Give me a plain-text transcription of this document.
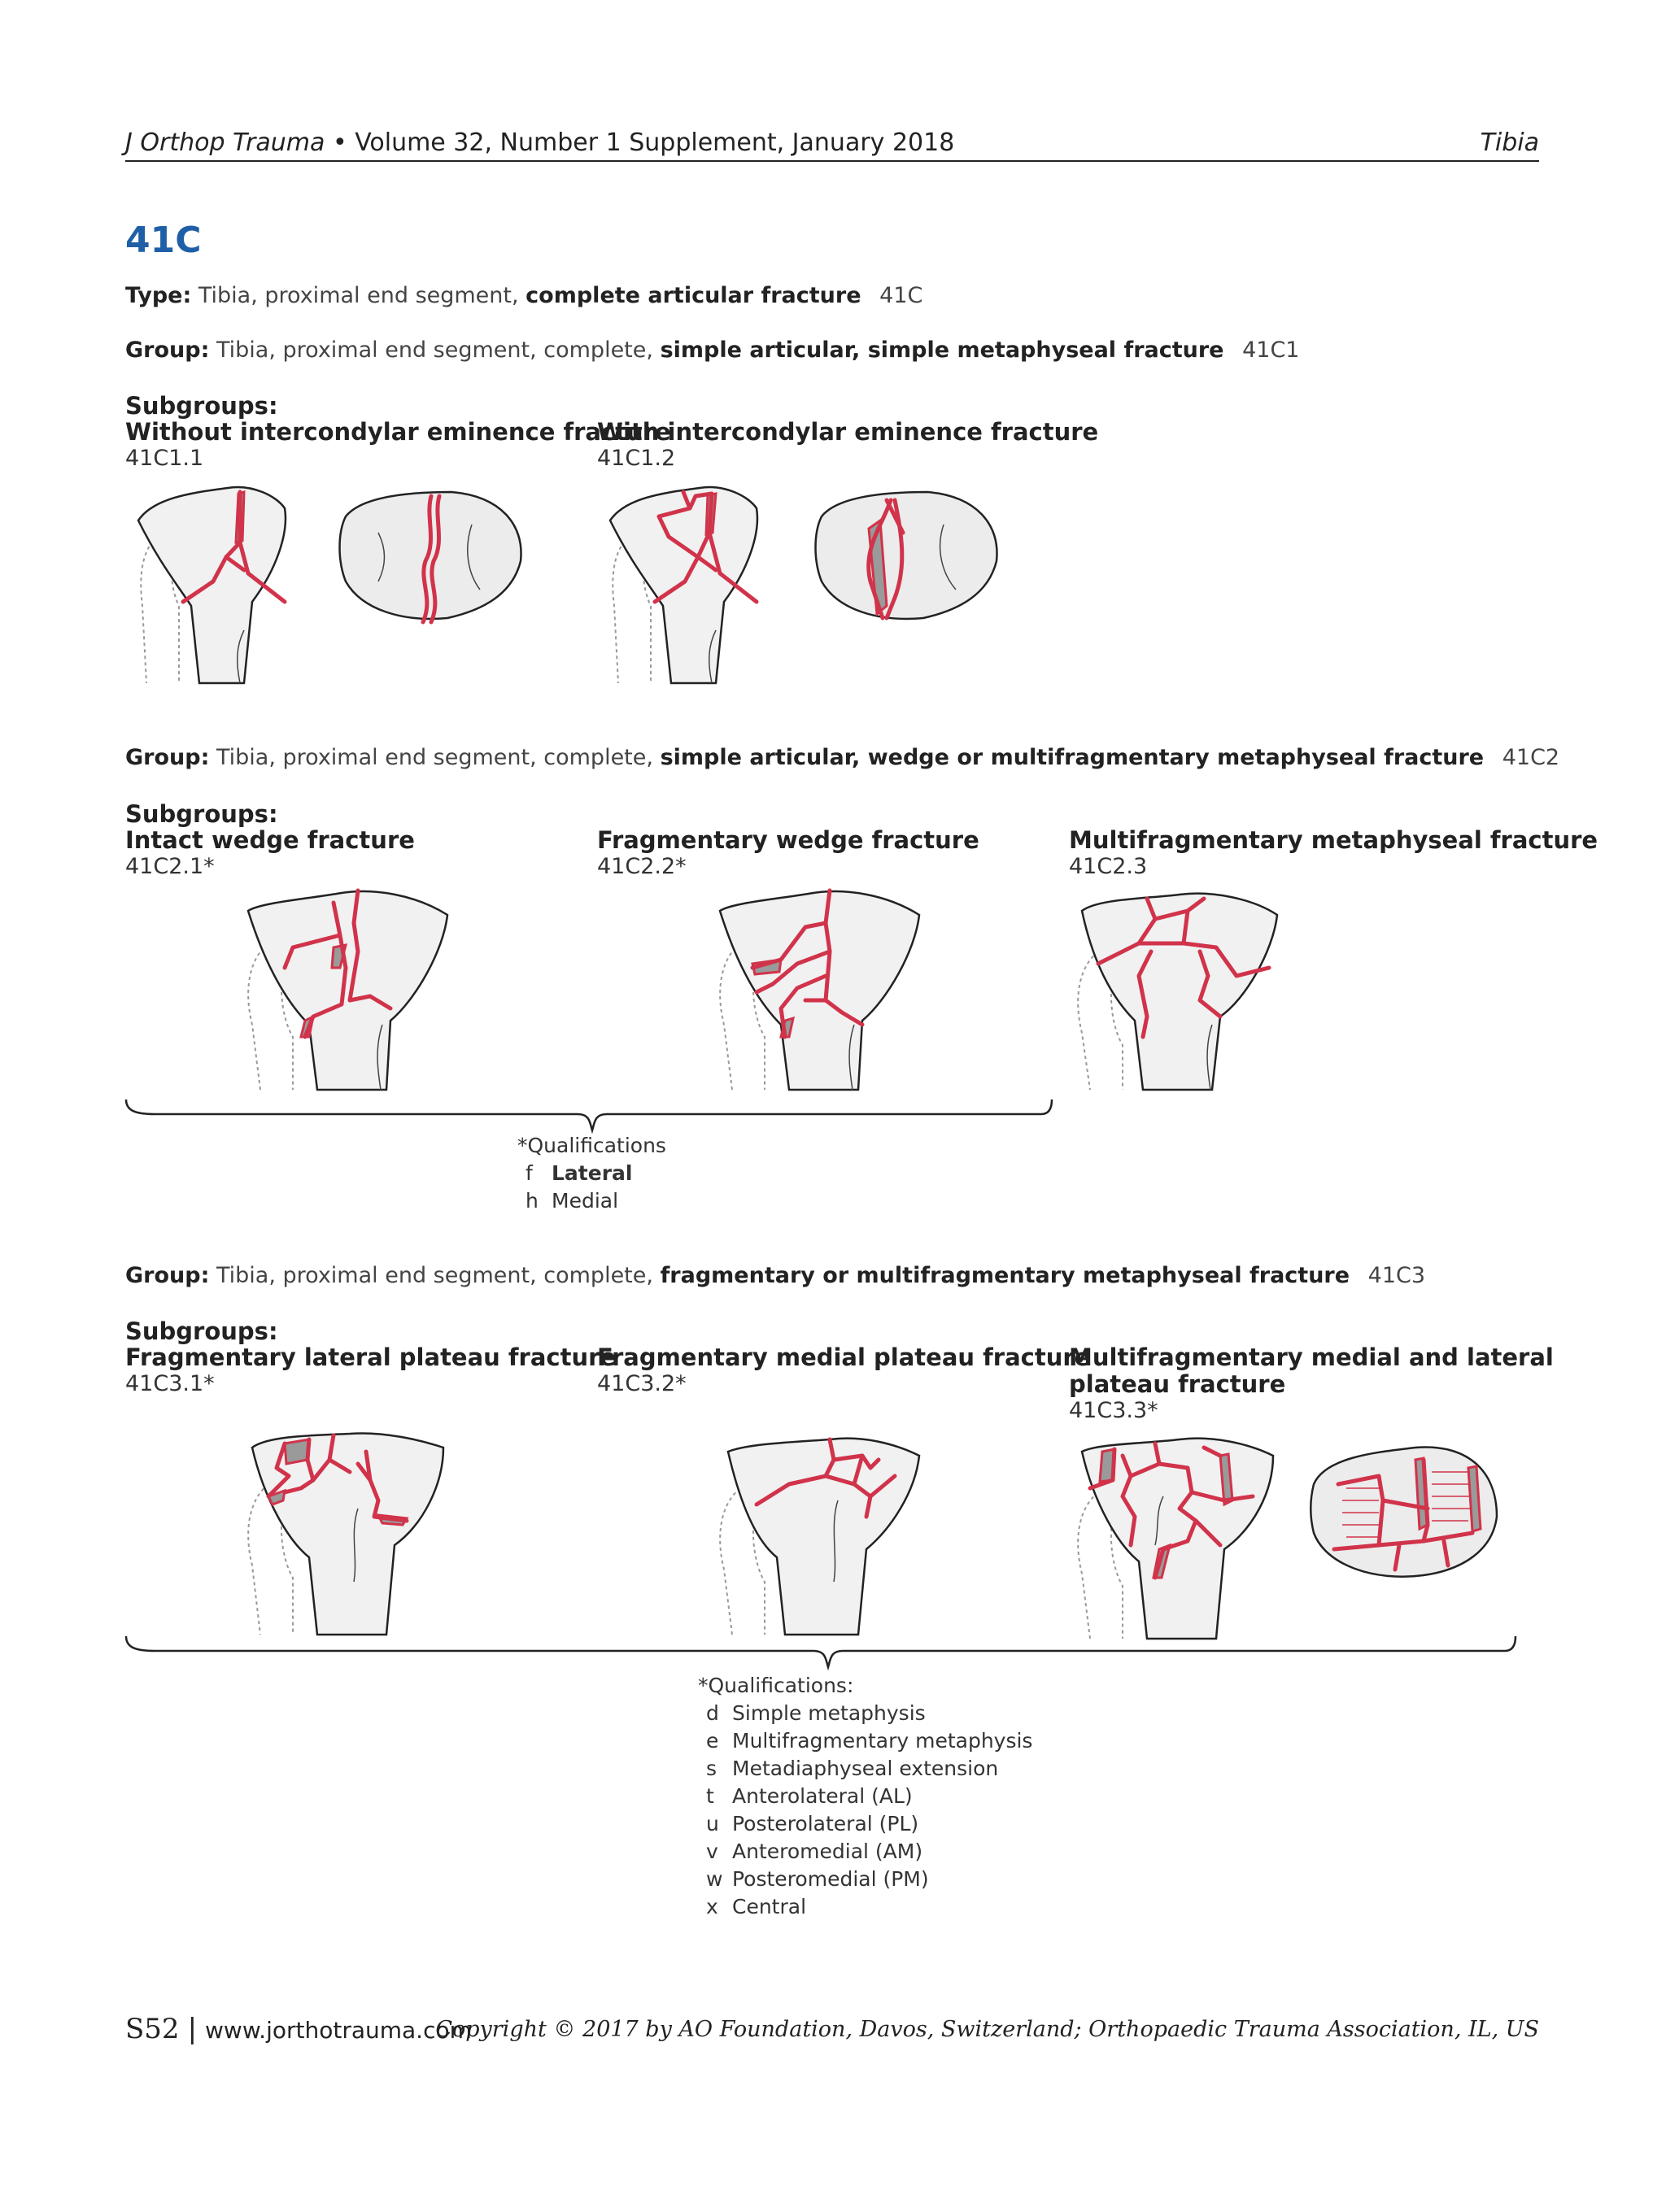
J Orthop Trauma • Volume 32, Number 1 Supplement, January 2018	Tibia
41C
Type: Tibia, proximal end segment, complete articular fracture 41C
Group: Tibia, proximal end segment, complete, simple articular, simple metaphyseal fracture 41C1
Subgroups:
Without intercondylar eminence fracture
41C1.1
With intercondylar eminence fracture
41C1.2
Group: Tibia, proximal end segment, complete, simple articular, wedge or multifragmentary metaphyseal fracture 41C2
Subgroups:
Intact wedge fracture
41C2.1*
Fragmentary wedge fracture
41C2.2*
Multifragmentary metaphyseal fracture
41C2.3
*Qualifications
f Lateral
h Medial
Group: Tibia, proximal end segment, complete, fragmentary or multifragmentary metaphyseal fracture 41C3
Subgroups:
Fragmentary lateral plateau fracture
41C3.1*
Fragmentary medial plateau fracture
41C3.2*
Multifragmentary medial and lateral
plateau fracture
41C3.3*
*Qualifications:
d Simple metaphysis
e Multifragmentary metaphysis
s Metadiaphyseal extension
t Anterolateral (AL)
u Posterolateral (PL)
v Anteromedial (AM)
w Posteromedial (PM)
x Central
S52 | www.jorthotrauma.com
Copyright © 2017 by AO Foundation, Davos, Switzerland; Orthopaedic Trauma Association, IL, US
